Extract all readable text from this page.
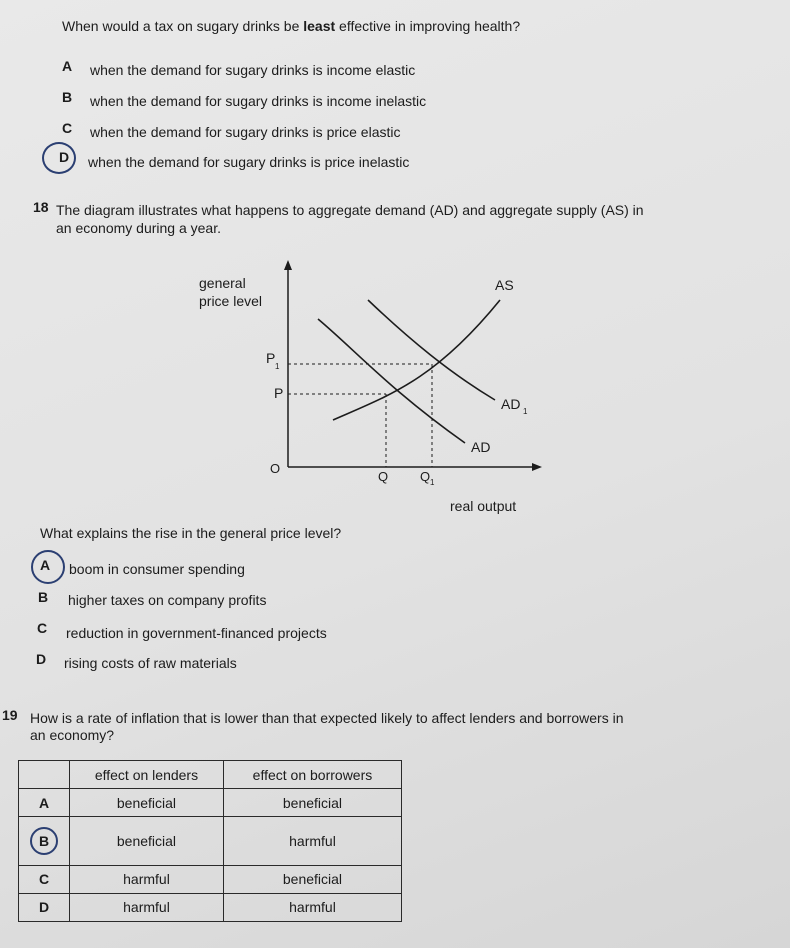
When would a tax on sugary drinks be least effective in improving health?
A when the demand for sugary drinks is income elastic
B when the demand for sugary drinks is income inelastic
C when the demand for sugary drinks is price elastic
D when the demand for sugary drinks is price inelastic
18 The diagram illustrates what happens to aggregate demand (AD) and aggregate supply (AS) in
an economy during a year.
general
price level
AS
P
1
P
AD 1
AD
O
Q Q 1
real output
What explains the rise in the general price level?
A boom in consumer spending
B higher taxes on company profits
C reduction in government-financed projects
D rising costs of raw materials
19 How is a rate of inflation that is lower than that expected likely to affect lenders and borrowers in
an economy?
	effect on lenders	effect on borrowers
A	beneficial	beneficial
B	beneficial	harmful
C	harmful	beneficial
D	harmful	harmful
